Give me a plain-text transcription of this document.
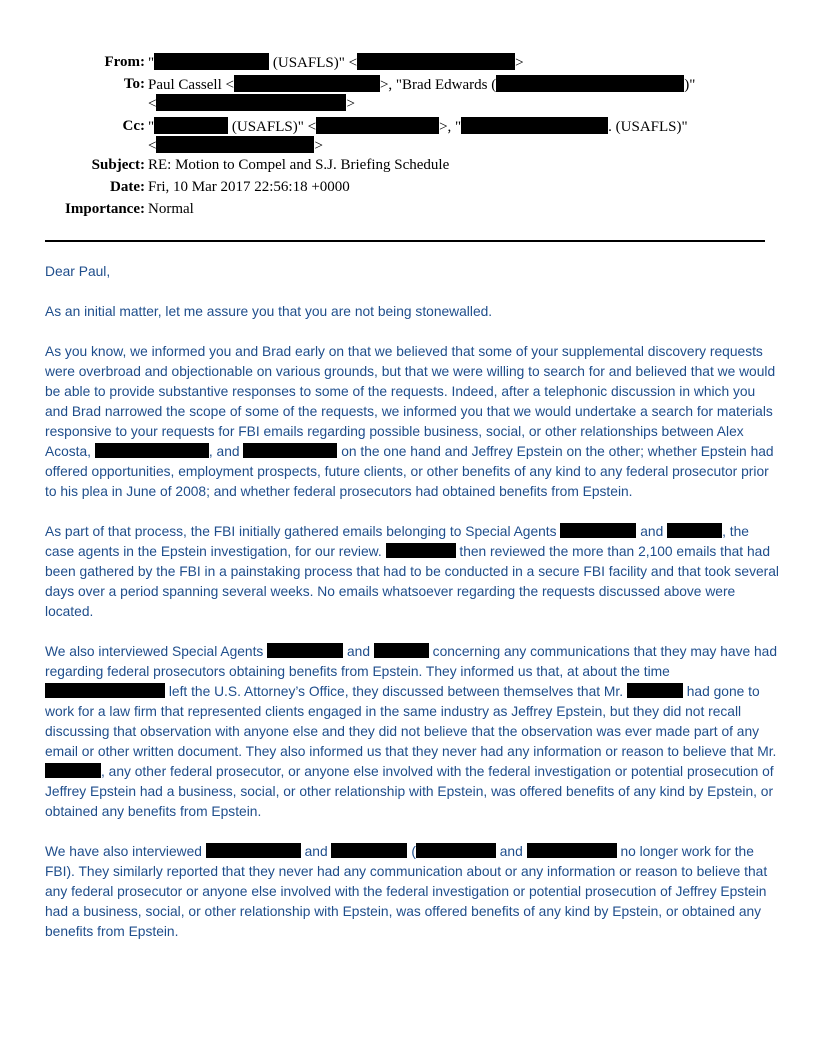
From: "	(USAFLS)" <	>
To: Paul Cassell <	>, "Brad Edwards (	)"
<	>
Cc: "	(USAFLS)" <	>, "	. (USAFLS)"
<	>
Subject: RE: Motion to Compel and S.J. Briefing Schedule
Date: Fri, 10 Mar 2017 22:56:18 +0000
Importance: Normal

Dear Paul,

As an initial matter, let me assure you that you are not being stonewalled.

As you know, we informed you and Brad early on that we believed that some of your supplemental discovery requests were overbroad and objectionable on various grounds, but that we were willing to search for and believed that we would be able to provide substantive responses to some of the requests. Indeed, after a telephonic discussion in which you and Brad narrowed the scope of some of the requests, we informed you that we would undertake a search for materials responsive to your requests for FBI emails regarding possible business, social, or other relationships between Alex Acosta,	, and	on the one hand and Jeffrey Epstein on the other; whether Epstein had offered opportunities, employment prospects, future clients, or other benefits of any kind to any federal prosecutor prior to his plea in June of 2008; and whether federal prosecutors had obtained benefits from Epstein.

As part of that process, the FBI initially gathered emails belonging to Special Agents	and	, the case agents in the Epstein investigation, for our review.	then reviewed the more than 2,100 emails that had been gathered by the FBI in a painstaking process that had to be conducted in a secure FBI facility and that took several days over a period spanning several weeks. No emails whatsoever regarding the requests discussed above were located.

We also interviewed Special Agents	and	concerning any communications that they may have had regarding federal prosecutors obtaining benefits from Epstein. They informed us that, at about the time  left the U.S. Attorney’s Office, they discussed between themselves that Mr.	had gone to work for a law firm that represented clients engaged in the same industry as Jeffrey Epstein, but they did not recall discussing that observation with anyone else and they did not believe that the observation was ever made part of any email or other written document. They also informed us that they never had any information or reason to believe that Mr. , any other federal prosecutor, or anyone else involved with the federal investigation or potential prosecution of Jeffrey Epstein had a business, social, or other relationship with Epstein, was offered benefits of any kind by Epstein, or obtained any benefits from Epstein.

We have also interviewed	and	(	and	no longer work for the FBI). They similarly reported that they never had any communication about or any information or reason to believe that any federal prosecutor or anyone else involved with the federal investigation or potential prosecution of Jeffrey Epstein had a business, social, or other relationship with Epstein, was offered benefits of any kind by Epstein, or obtained any benefits from Epstein.
